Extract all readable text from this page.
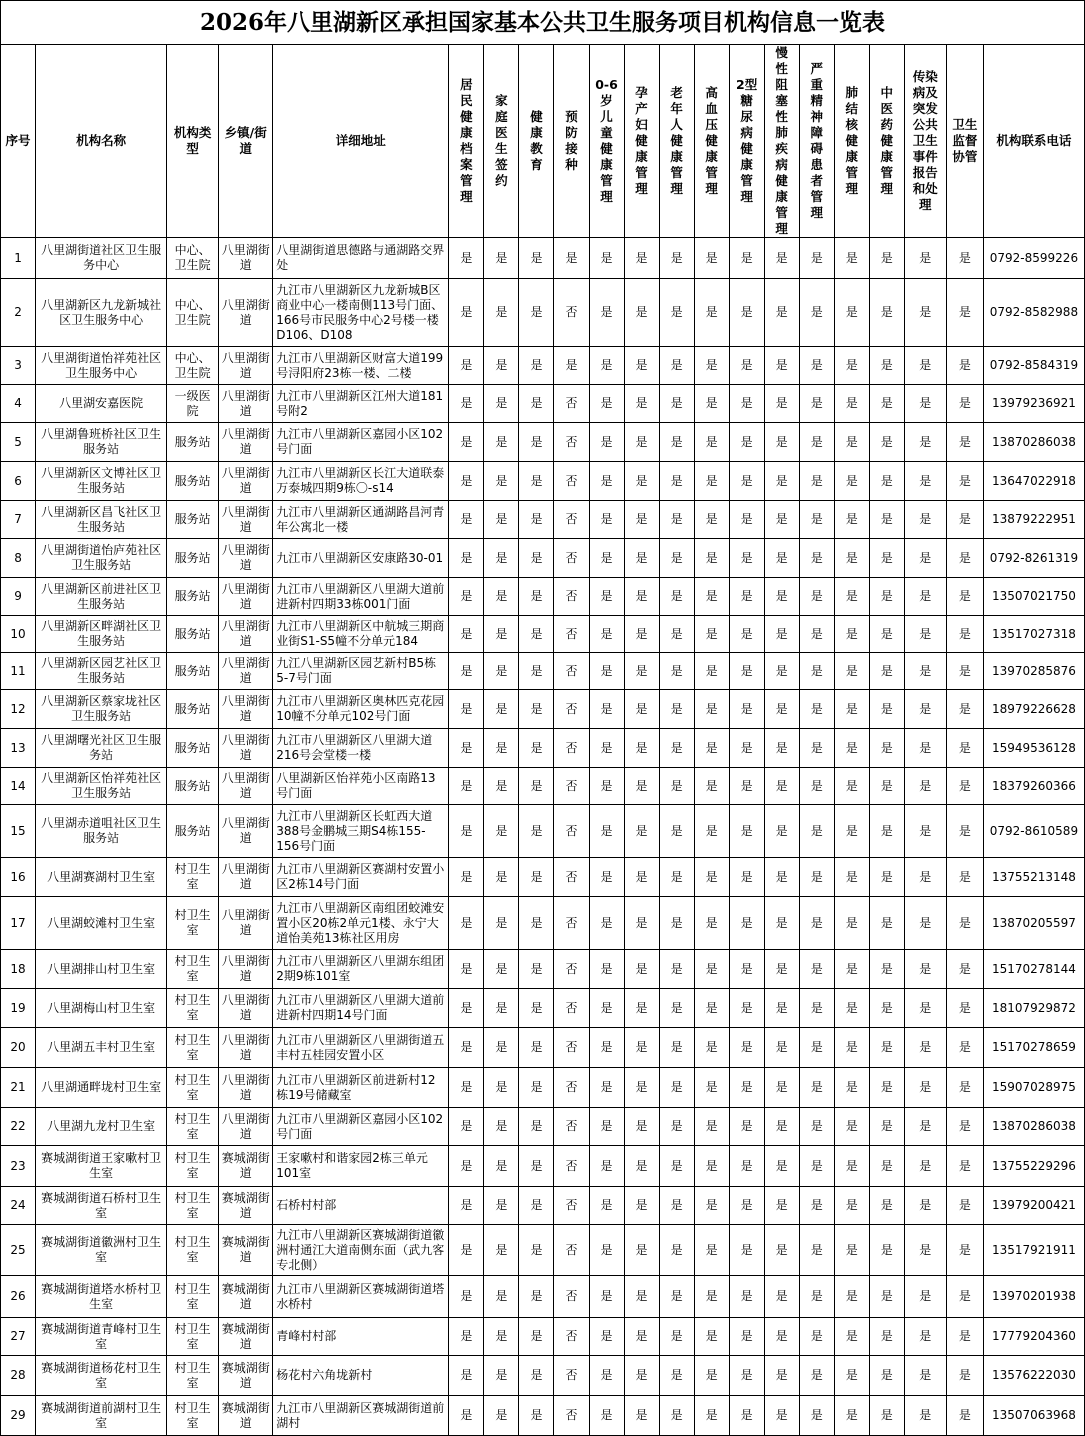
2026年八里湖新区承担国家基本公共卫生服务项目机构信息一览表
序号	机构名称	机构类型	乡镇/街道	详细地址	居民健康档案管理	家庭医生签约	健康教育	预防接种	0-6岁儿童健康管理	孕产妇健康管理	老年人健康管理	高血压健康管理	2型糖尿病健康管理	慢性阻塞性肺疾病健康管理	严重精神障碍患者管理	肺结核健康管理	中医药健康管理	传染病及突发公共卫生事件报告和处理	卫生监督协管	机构联系电话
1	八里湖街道社区卫生服务中心	中心、卫生院	八里湖街道	八里湖街道思德路与通湖路交界处	是	是	是	是	是	是	是	是	是	是	是	是	是	是	是	0792-8599226
2	八里湖新区九龙新城社区卫生服务中心	中心、卫生院	八里湖街道	九江市八里湖新区九龙新城B区商业中心一楼南侧113号门面、166号市民服务中心2号楼一楼D106、D108	是	是	是	否	是	是	是	是	是	是	是	是	是	是	是	0792-8582988
3	八里湖街道怡祥苑社区卫生服务中心	中心、卫生院	八里湖街道	九江市八里湖新区财富大道199号浔阳府23栋一楼、二楼	是	是	是	是	是	是	是	是	是	是	是	是	是	是	是	0792-8584319
4	八里湖安嘉医院	一级医院	八里湖街道	九江市八里湖新区江州大道181号附2	是	是	是	否	是	是	是	是	是	是	是	是	是	是	是	13979236921
5	八里湖鲁班桥社区卫生服务站	服务站	八里湖街道	九江市八里湖新区嘉园小区102号门面	是	是	是	否	是	是	是	是	是	是	是	是	是	是	是	13870286038
6	八里湖新区文博社区卫生服务站	服务站	八里湖街道	九江市八里湖新区长江大道联泰万泰城四期9栋〇-s14	是	是	是	否	是	是	是	是	是	是	是	是	是	是	是	13647022918
7	八里湖新区昌飞社区卫生服务站	服务站	八里湖街道	九江市八里湖新区通湖路昌河青年公寓北一楼	是	是	是	否	是	是	是	是	是	是	是	是	是	是	是	13879222951
8	八里湖街道怡庐苑社区卫生服务站	服务站	八里湖街道	九江市八里湖新区安康路30-01	是	是	是	否	是	是	是	是	是	是	是	是	是	是	是	0792-8261319
9	八里湖新区前进社区卫生服务站	服务站	八里湖街道	九江市八里湖新区八里湖大道前进新村四期33栋001门面	是	是	是	否	是	是	是	是	是	是	是	是	是	是	是	13507021750
10	八里湖新区畔湖社区卫生服务站	服务站	八里湖街道	九江市八里湖新区中航城三期商业街S1-S5幢不分单元184	是	是	是	否	是	是	是	是	是	是	是	是	是	是	是	13517027318
11	八里湖新区园艺社区卫生服务站	服务站	八里湖街道	九江八里湖新区园艺新村B5栋5-7号门面	是	是	是	否	是	是	是	是	是	是	是	是	是	是	是	13970285876
12	八里湖新区蔡家垅社区卫生服务站	服务站	八里湖街道	九江市八里湖新区奥林匹克花园10幢不分单元102号门面	是	是	是	否	是	是	是	是	是	是	是	是	是	是	是	18979226628
13	八里湖曙光社区卫生服务站	服务站	八里湖街道	九江市八里湖新区八里湖大道216号会堂楼一楼	是	是	是	否	是	是	是	是	是	是	是	是	是	是	是	15949536128
14	八里湖新区怡祥苑社区卫生服务站	服务站	八里湖街道	八里湖新区怡祥苑小区南路13号门面	是	是	是	否	是	是	是	是	是	是	是	是	是	是	是	18379260366
15	八里湖赤道咀社区卫生服务站	服务站	八里湖街道	九江市八里湖新区长虹西大道388号金鹏城三期S4栋155-156号门面	是	是	是	否	是	是	是	是	是	是	是	是	是	是	是	0792-8610589
16	八里湖赛湖村卫生室	村卫生室	八里湖街道	九江市八里湖新区赛湖村安置小区2栋14号门面	是	是	是	否	是	是	是	是	是	是	是	是	是	是	是	13755213148
17	八里湖蛟滩村卫生室	村卫生室	八里湖街道	九江市八里湖新区南组团蛟滩安置小区20栋2单元1楼、永宁大道怡美苑13栋社区用房	是	是	是	否	是	是	是	是	是	是	是	是	是	是	是	13870205597
18	八里湖排山村卫生室	村卫生室	八里湖街道	九江市八里湖新区八里湖东组团2期9栋101室	是	是	是	否	是	是	是	是	是	是	是	是	是	是	是	15170278144
19	八里湖梅山村卫生室	村卫生室	八里湖街道	九江市八里湖新区八里湖大道前进新村四期14号门面	是	是	是	否	是	是	是	是	是	是	是	是	是	是	是	18107929872
20	八里湖五丰村卫生室	村卫生室	八里湖街道	九江市八里湖新区八里湖街道五丰村五桂园安置小区	是	是	是	否	是	是	是	是	是	是	是	是	是	是	是	15170278659
21	八里湖通畔垅村卫生室	村卫生室	八里湖街道	九江市八里湖新区前进新村12栋19号储藏室	是	是	是	否	是	是	是	是	是	是	是	是	是	是	是	15907028975
22	八里湖九龙村卫生室	村卫生室	八里湖街道	九江市八里湖新区嘉园小区102号门面	是	是	是	否	是	是	是	是	是	是	是	是	是	是	是	13870286038
23	赛城湖街道王家嗽村卫生室	村卫生室	赛城湖街道	王家嗽村和谐家园2栋三单元101室	是	是	是	否	是	是	是	是	是	是	是	是	是	是	是	13755229296
24	赛城湖街道石桥村卫生室	村卫生室	赛城湖街道	石桥村村部	是	是	是	否	是	是	是	是	是	是	是	是	是	是	是	13979200421
25	赛城湖街道徽洲村卫生室	村卫生室	赛城湖街道	九江市八里湖新区赛城湖街道徽洲村通江大道南侧东面（武九客专北侧）	是	是	是	否	是	是	是	是	是	是	是	是	是	是	是	13517921911
26	赛城湖街道塔水桥村卫生室	村卫生室	赛城湖街道	九江市八里湖新区赛城湖街道塔水桥村	是	是	是	否	是	是	是	是	是	是	是	是	是	是	是	13970201938
27	赛城湖街道青峰村卫生室	村卫生室	赛城湖街道	青峰村村部	是	是	是	否	是	是	是	是	是	是	是	是	是	是	是	17779204360
28	赛城湖街道杨花村卫生室	村卫生室	赛城湖街道	杨花村六角垅新村	是	是	是	否	是	是	是	是	是	是	是	是	是	是	是	13576222030
29	赛城湖街道前湖村卫生室	村卫生室	赛城湖街道	九江市八里湖新区赛城湖街道前湖村	是	是	是	否	是	是	是	是	是	是	是	是	是	是	是	13507063968
